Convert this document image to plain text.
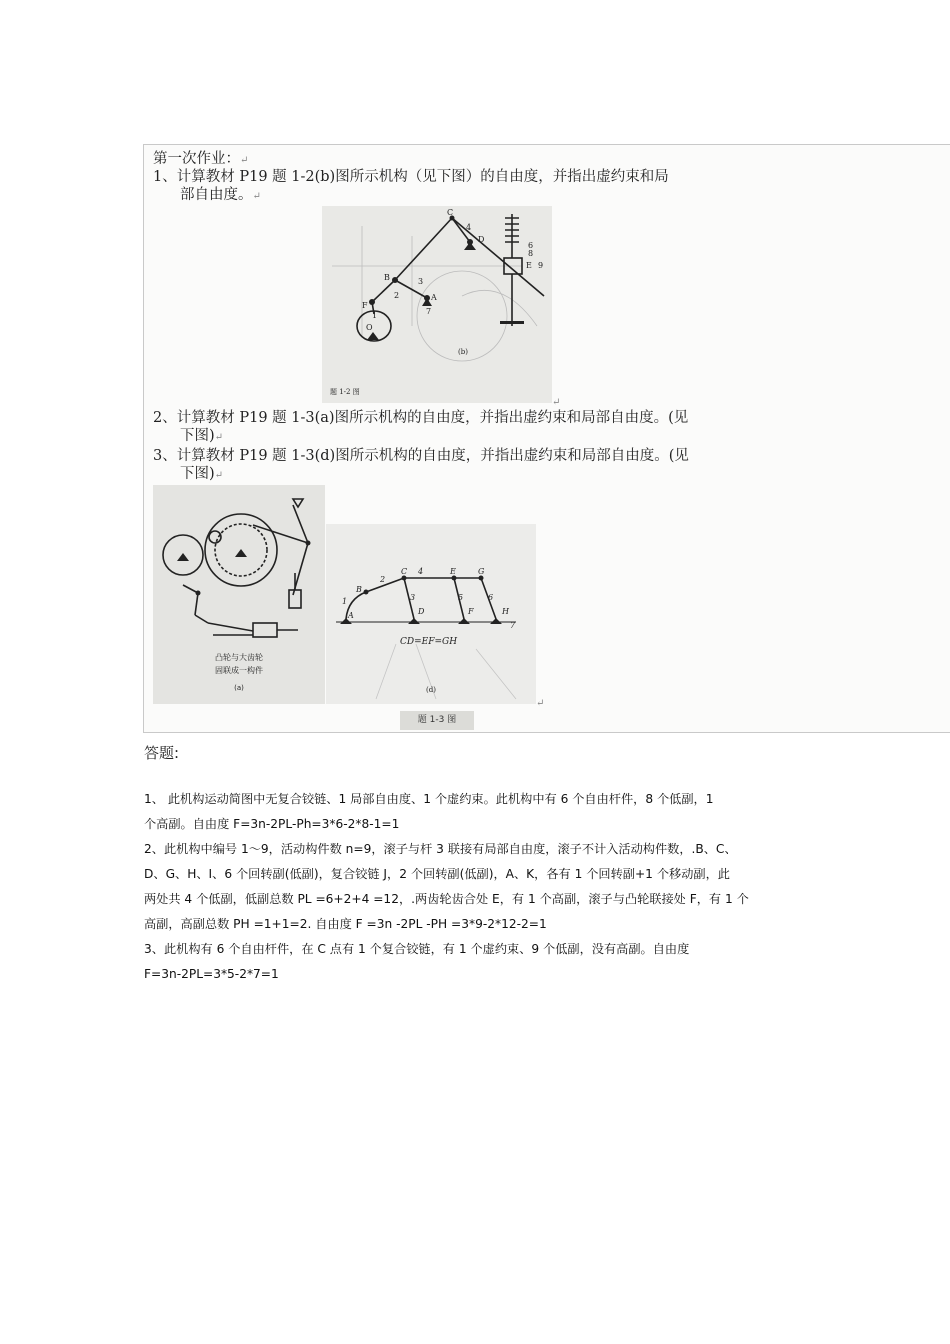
第一次作业：↵
1、计算教材 P19 题 1-2(b)图所示机构（见下图）的自由度，并指出虚约束和局
部自由度。↵
C
D
E
B
F
A
O
1
2
3
4
6
7
8
9
(b)
题 1-2 图
↵
2、计算教材 P19 题 1-3(a)图所示机构的自由度，并指出虚约束和局部自由度。(见
下图)↵
3、计算教材 P19 题 1-3(d)图所示机构的自由度，并指出虚约束和局部自由度。(见
下图)↵
凸轮与大齿轮
固联成一构件
(a)
A
B
C
D
E
F
G
H
1
2
3
4
5	6
7
CD=EF=GH
(d)
↵
题 1-3 图
答题:
1、 此机构运动简图中无复合铰链、1 局部自由度、1 个虚约束。此机构中有 6 个自由杆件，8 个低副，1
个高副。自由度 F=3n-2PL-Ph=3*6-2*8-1=1
2、此机构中编号 1～9，活动构件数 n=9，滚子与杆 3 联接有局部自由度，滚子不计入活动构件数，.B、C、
D、G、H、I、6 个回转副(低副)，复合铰链 J，2 个回转副(低副)，A、K，各有 1 个回转副+1 个移动副，此
两处共 4 个低副，低副总数 PL =6+2+4 =12，.两齿轮齿合处 E，有 1 个高副，滚子与凸轮联接处 F，有 1 个
高副，高副总数 PH =1+1=2. 自由度 F =3n -2PL -PH =3*9-2*12-2=1
3、此机构有 6 个自由杆件，在 C 点有 1 个复合铰链，有 1 个虚约束、9 个低副，没有高副。自由度
F=3n-2PL=3*5-2*7=1
